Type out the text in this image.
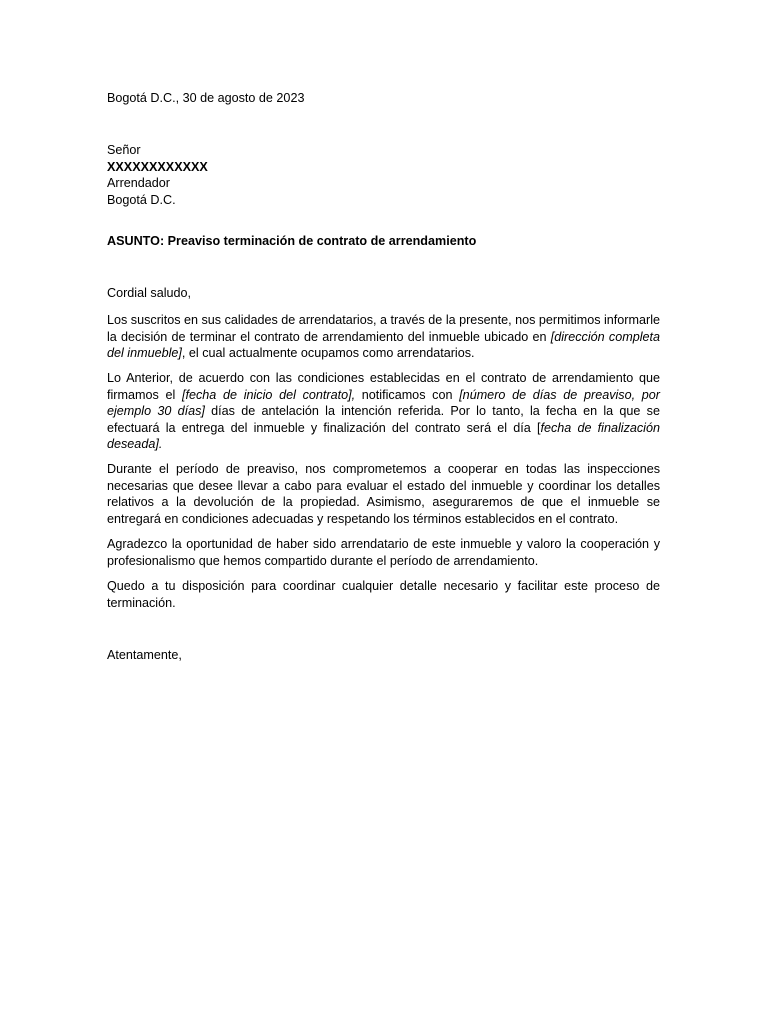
Bogotá D.C., 30 de agosto de 2023
Señor
XXXXXXXXXXXX
Arrendador
Bogotá D.C.
ASUNTO: Preaviso terminación de contrato de arrendamiento
Cordial saludo,
Los suscritos en sus calidades de arrendatarios, a través de la presente, nos permitimos informarle la decisión de terminar el contrato de arrendamiento del inmueble ubicado en [dirección completa del inmueble], el cual actualmente ocupamos como arrendatarios.
Lo Anterior, de acuerdo con las condiciones establecidas en el contrato de arrendamiento que firmamos el [fecha de inicio del contrato], notificamos con [número de días de preaviso, por ejemplo 30 días] días de antelación la intención referida. Por lo tanto, la fecha en la que se efectuará la entrega del inmueble y finalización del contrato será el día [fecha de finalización deseada].
Durante el período de preaviso, nos comprometemos a cooperar en todas las inspecciones necesarias que desee llevar a cabo para evaluar el estado del inmueble y coordinar los detalles relativos a la devolución de la propiedad. Asimismo, aseguraremos de que el inmueble se entregará en condiciones adecuadas y respetando los términos establecidos en el contrato.
Agradezco la oportunidad de haber sido arrendatario de este inmueble y valoro la cooperación y profesionalismo que hemos compartido durante el período de arrendamiento.
Quedo a tu disposición para coordinar cualquier detalle necesario y facilitar este proceso de terminación.
Atentamente,
